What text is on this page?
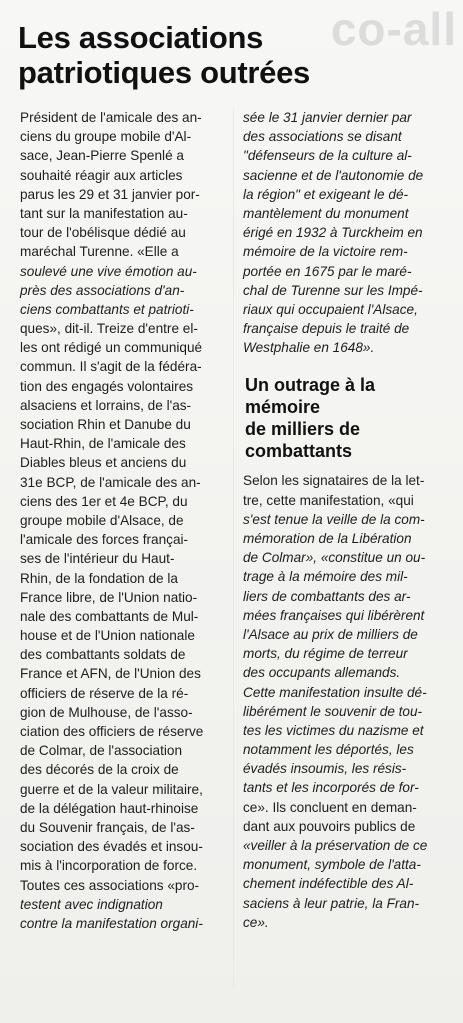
co-all
Les associations
patriotiques outrées
Président de l'amicale des an-
ciens du groupe mobile d'Al-
sace, Jean-Pierre Spenlé a
souhaité réagir aux articles
parus les 29 et 31 janvier por-
tant sur la manifestation au-
tour de l'obélisque dédié au
maréchal Turenne. «Elle a
soulevé une vive émotion au-
près des associations d'an-
ciens combattants et patrioti-
ques», dit-il. Treize d'entre el-
les ont rédigé un communiqué
commun. Il s'agit de la fédéra-
tion des engagés volontaires
alsaciens et lorrains, de l'as-
sociation Rhin et Danube du
Haut-Rhin, de l'amicale des
Diables bleus et anciens du
31e BCP, de l'amicale des an-
ciens des 1er et 4e BCP, du
groupe mobile d'Alsace, de
l'amicale des forces françai-
ses de l'intérieur du Haut-
Rhin, de la fondation de la
France libre, de l'Union natio-
nale des combattants de Mul-
house et de l'Union nationale
des combattants soldats de
France et AFN, de l'Union des
officiers de réserve de la ré-
gion de Mulhouse, de l'asso-
ciation des officiers de réserve
de Colmar, de l'association
des décorés de la croix de
guerre et de la valeur militaire,
de la délégation haut-rhinoise
du Souvenir français, de l'as-
sociation des évadés et insou-
mis à l'incorporation de force.
Toutes ces associations «pro-
testent avec indignation
contre la manifestation organi-
sée le 31 janvier dernier par
des associations se disant
"défenseurs de la culture al-
sacienne et de l'autonomie de
la région" et exigeant le dé-
mantèlement du monument
érigé en 1932 à Turckheim en
mémoire de la victoire rem-
portée en 1675 par le maré-
chal de Turenne sur les Impé-
riaux qui occupaient l'Alsace,
française depuis le traité de
Westphalie en 1648».
Un outrage à la
mémoire
de milliers de
combattants
Selon les signataires de la let-
tre, cette manifestation, «qui
s'est tenue la veille de la com-
mémoration de la Libération
de Colmar», «constitue un ou-
trage à la mémoire des mil-
liers de combattants des ar-
mées françaises qui libérèrent
l'Alsace au prix de milliers de
morts, du régime de terreur
des occupants allemands.
Cette manifestation insulte dé-
libérément le souvenir de tou-
tes les victimes du nazisme et
notamment les déportés, les
évadés insoumis, les résis-
tants et les incorporés de for-
ce». Ils concluent en deman-
dant aux pouvoirs publics de
«veiller à la préservation de ce
monument, symbole de l'atta-
chement indéfectible des Al-
saciens à leur patrie, la Fran-
ce».
